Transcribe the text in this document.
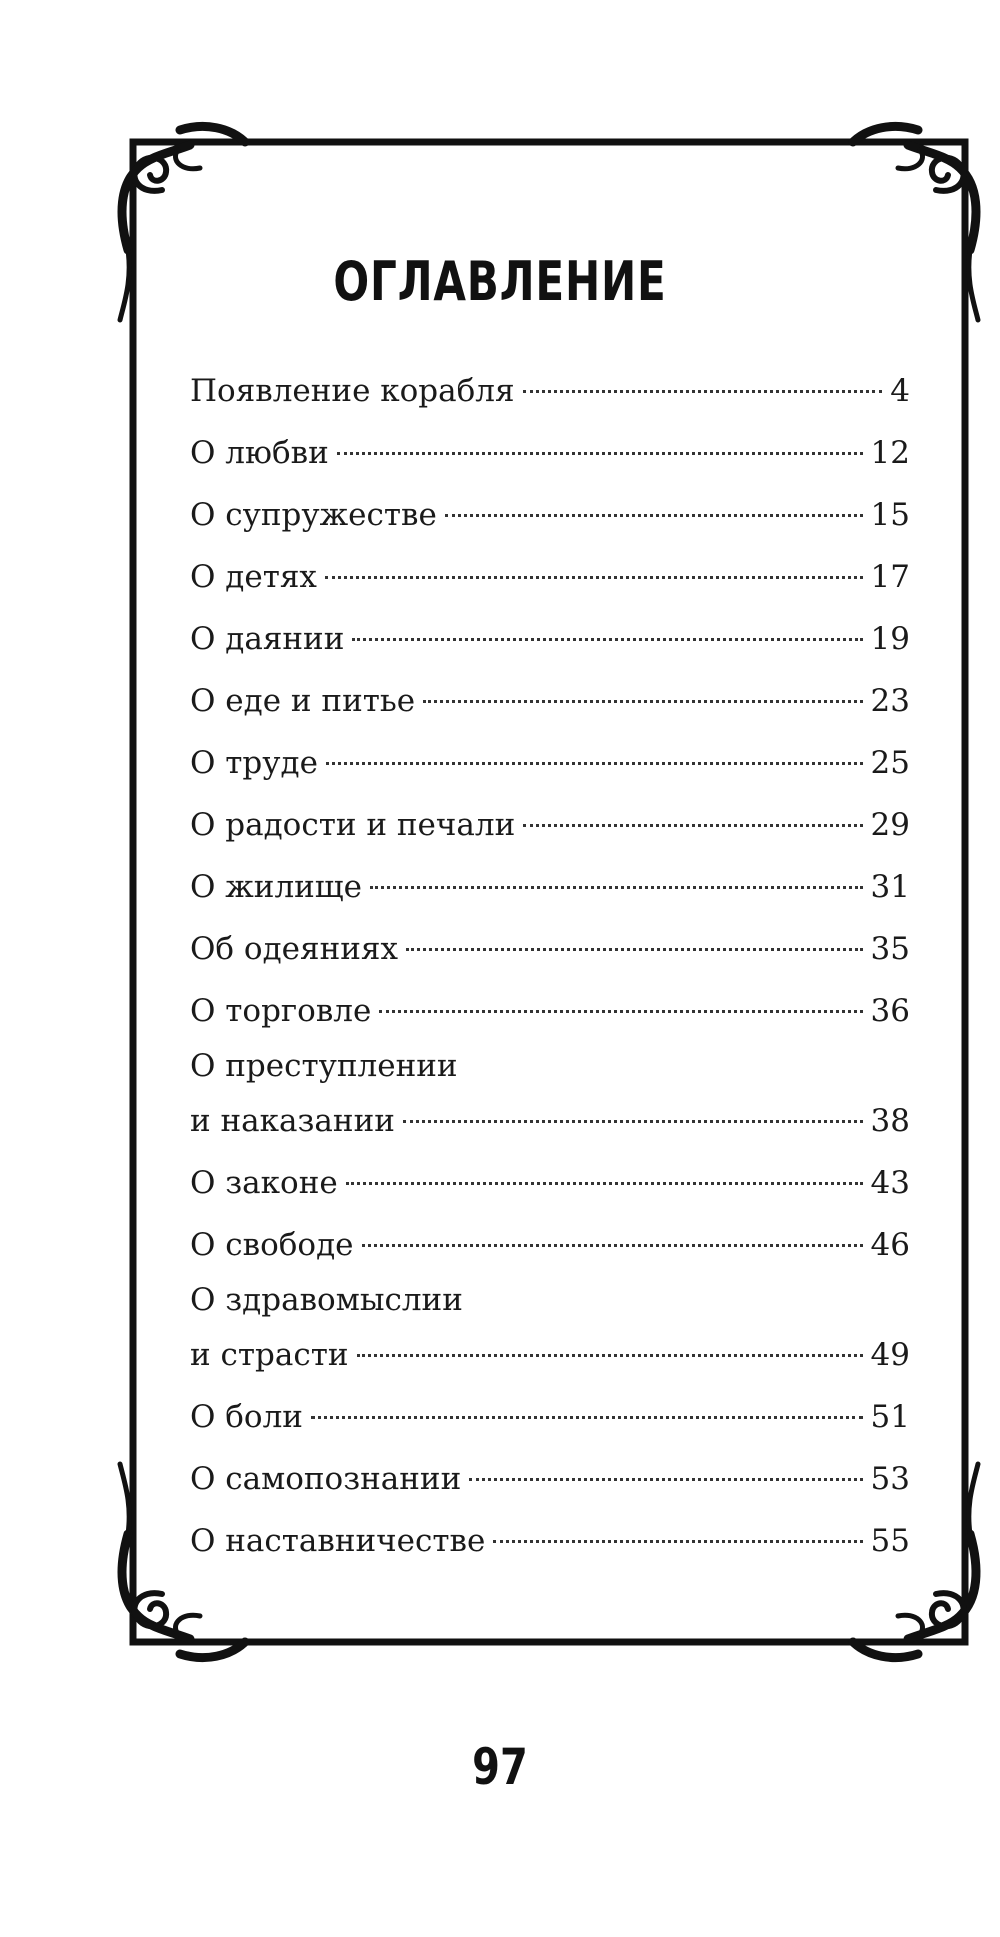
ОГЛАВЛЕНИЕ
Появление корабля	4
О любви	12
О супружестве	15
О детях	17
О даянии	19
О еде и питье	23
О труде	25
О радости и печали	29
О жилище	31
Об одеяниях	35
О торговле	36
О преступлении
и наказании	38
О законе	43
О свободе	46
О здравомыслии
и страсти	49
О боли	51
О самопознании	53
О наставничестве	55
97
